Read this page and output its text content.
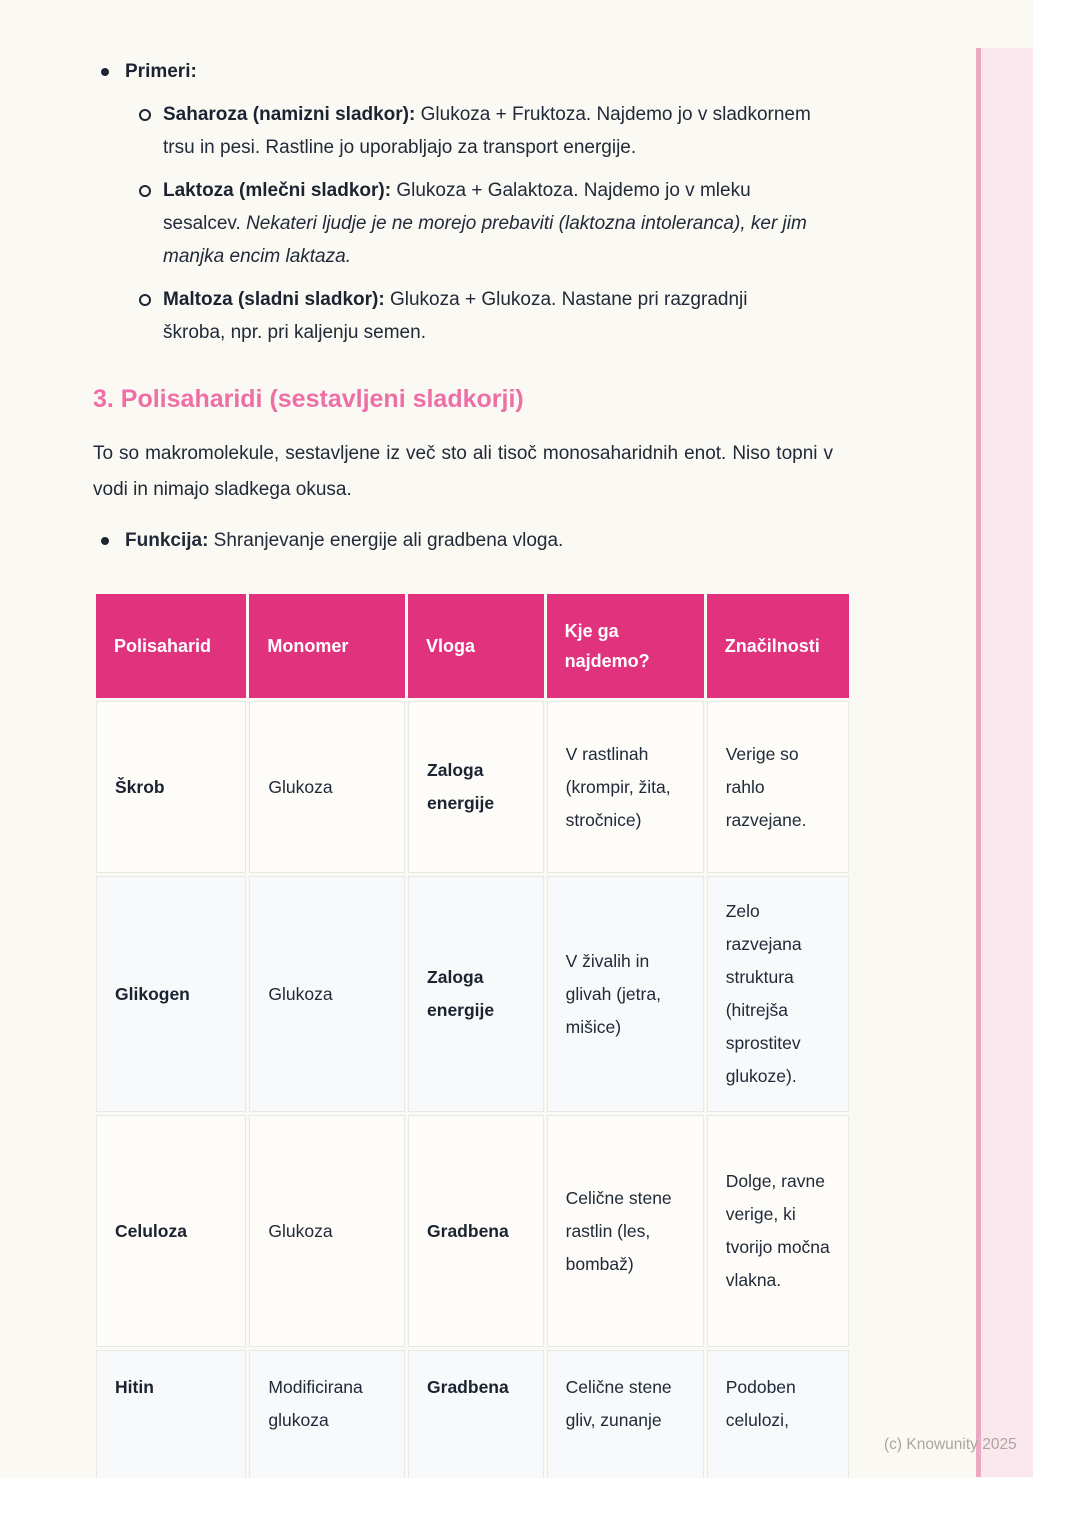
Primeri:
Saharoza (namizni sladkor): Glukoza + Fruktoza. Najdemo jo v sladkornem trsu in pesi. Rastline jo uporabljajo za transport energije.
Laktoza (mlečni sladkor): Glukoza + Galaktoza. Najdemo jo v mleku sesalcev. Nekateri ljudje je ne morejo prebaviti (laktozna intoleranca), ker jim manjka encim laktaza.
Maltoza (sladni sladkor): Glukoza + Glukoza. Nastane pri razgradnji škroba, npr. pri kaljenju semen.
3. Polisaharidi (sestavljeni sladkorji)
To so makromolekule, sestavljene iz več sto ali tisoč monosaharidnih enot. Niso topni v vodi in nimajo sladkega okusa.
Funkcija: Shranjevanje energije ali gradbena vloga.
Polisaharid	Monomer	Vloga	Kje ga najdemo?	Značilnosti
Škrob	Glukoza	Zaloga energije	V rastlinah (krompir, žita, stročnice)	Verige so rahlo razvejane.
Glikogen	Glukoza	Zaloga energije	V živalih in glivah (jetra, mišice)	Zelo razvejana struktura (hitrejša sprostitev glukoze).
Celuloza	Glukoza	Gradbena	Celične stene rastlin (les, bombaž)	Dolge, ravne verige, ki tvorijo močna vlakna.
Hitin	Modificirana glukoza	Gradbena	Celične stene gliv, zunanje	Podoben celulozi,
(c) Knowunity 2025
